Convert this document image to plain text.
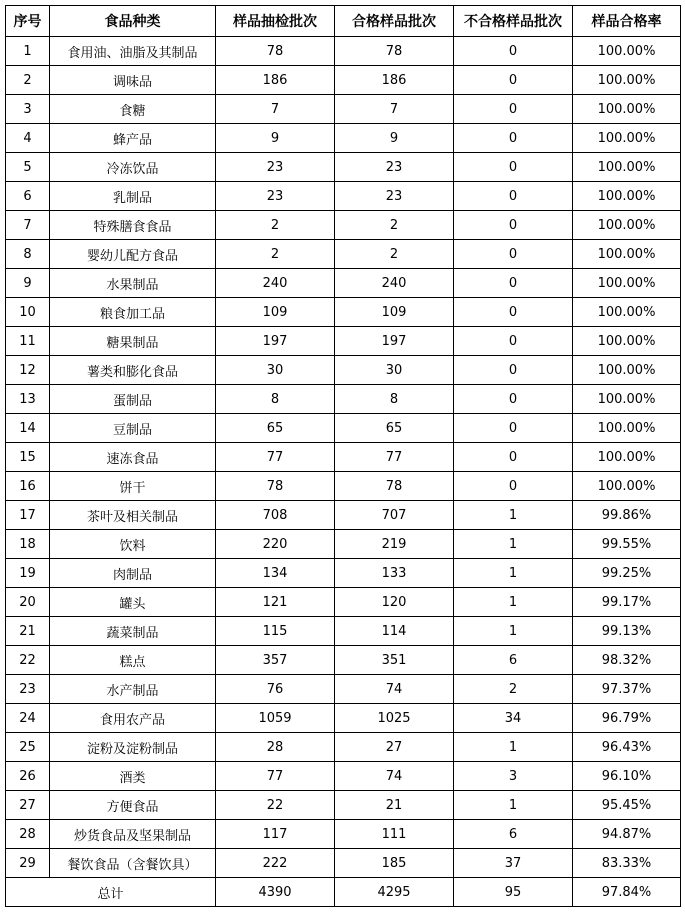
序号	食品种类	样品抽检批次	合格样品批次	不合格样品批次	样品合格率
1	食用油、油脂及其制品	78	78	0	100.00%
2	调味品	186	186	0	100.00%
3	食糖	7	7	0	100.00%
4	蜂产品	9	9	0	100.00%
5	冷冻饮品	23	23	0	100.00%
6	乳制品	23	23	0	100.00%
7	特殊膳食食品	2	2	0	100.00%
8	婴幼儿配方食品	2	2	0	100.00%
9	水果制品	240	240	0	100.00%
10	粮食加工品	109	109	0	100.00%
11	糖果制品	197	197	0	100.00%
12	薯类和膨化食品	30	30	0	100.00%
13	蛋制品	8	8	0	100.00%
14	豆制品	65	65	0	100.00%
15	速冻食品	77	77	0	100.00%
16	饼干	78	78	0	100.00%
17	茶叶及相关制品	708	707	1	99.86%
18	饮料	220	219	1	99.55%
19	肉制品	134	133	1	99.25%
20	罐头	121	120	1	99.17%
21	蔬菜制品	115	114	1	99.13%
22	糕点	357	351	6	98.32%
23	水产制品	76	74	2	97.37%
24	食用农产品	1059	1025	34	96.79%
25	淀粉及淀粉制品	28	27	1	96.43%
26	酒类	77	74	3	96.10%
27	方便食品	22	21	1	95.45%
28	炒货食品及坚果制品	117	111	6	94.87%
29	餐饮食品（含餐饮具）	222	185	37	83.33%
总计		4390	4295	95	97.84%
